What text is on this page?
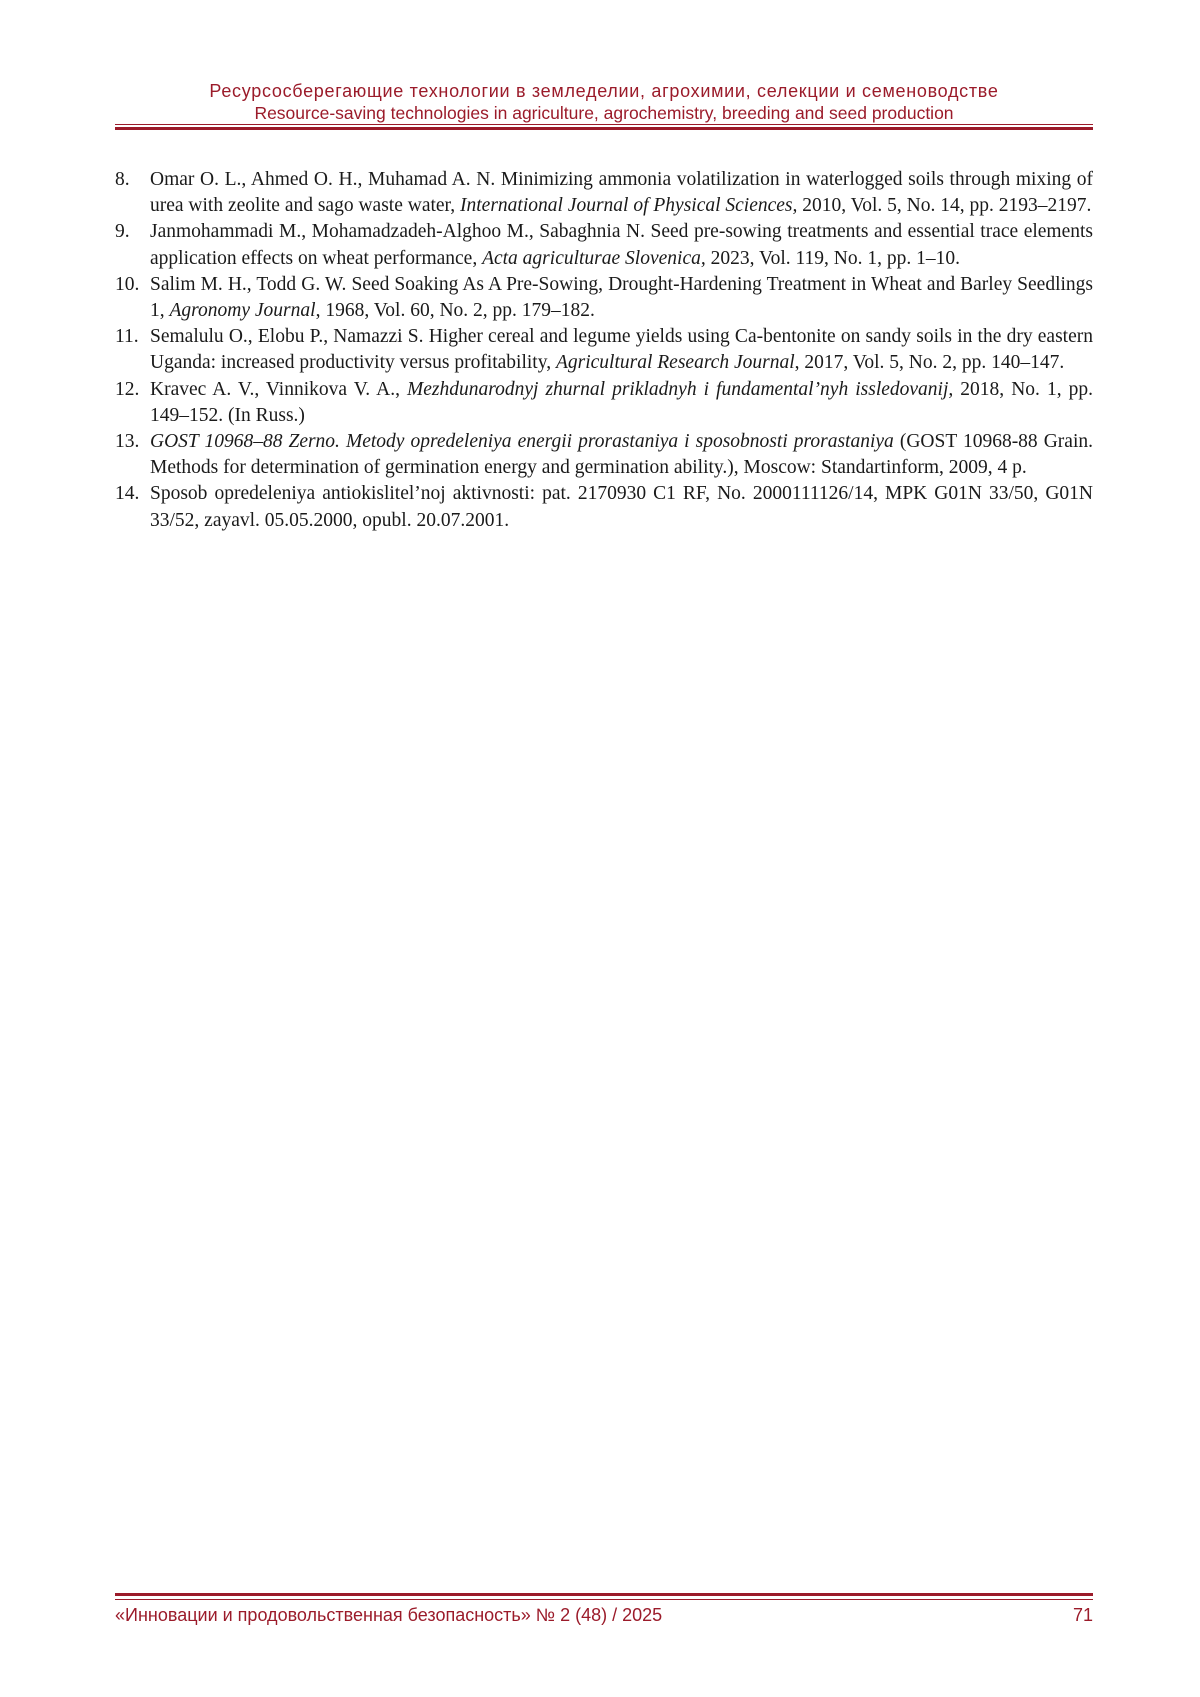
Ресурсосберегающие технологии в земледелии, агрохимии, селекции и семеноводстве
Resource-saving technologies in agriculture, agrochemistry, breeding and seed production
8. Omar O. L., Ahmed O. H., Muhamad A. N. Minimizing ammonia volatilization in waterlogged soils through mixing of urea with zeolite and sago waste water, International Journal of Physical Sciences, 2010, Vol. 5, No. 14, pp. 2193–2197.
9. Janmohammadi M., Mohamadzadeh-Alghoo M., Sabaghnia N. Seed pre-sowing treatments and essential trace elements application effects on wheat performance, Acta agriculturae Slovenica, 2023, Vol. 119, No. 1, pp. 1–10.
10. Salim M. H., Todd G. W. Seed Soaking As A Pre-Sowing, Drought-Hardening Treatment in Wheat and Barley Seedlings 1, Agronomy Journal, 1968, Vol. 60, No. 2, pp. 179–182.
11. Semalulu O., Elobu P., Namazzi S. Higher cereal and legume yields using Ca-bentonite on sandy soils in the dry eastern Uganda: increased productivity versus profitability, Agricultural Research Journal, 2017, Vol. 5, No. 2, pp. 140–147.
12. Kravec A. V., Vinnikova V. A., Mezhdunarodnyj zhurnal prikladnyh i fundamental’nyh issledovanij, 2018, No. 1, pp. 149–152. (In Russ.)
13. GOST 10968–88 Zerno. Metody opredeleniya energii prorastaniya i sposobnosti prorastaniya (GOST 10968-88 Grain. Methods for determination of germination energy and germination ability.), Moscow: Standartinform, 2009, 4 p.
14. Sposob opredeleniya antiokislitel’noj aktivnosti: pat. 2170930 C1 RF, No. 2000111126/14, MPK G01N 33/50, G01N 33/52, zayavl. 05.05.2000, opubl. 20.07.2001.
«Инновации и продовольственная безопасность» № 2 (48) / 2025	71
